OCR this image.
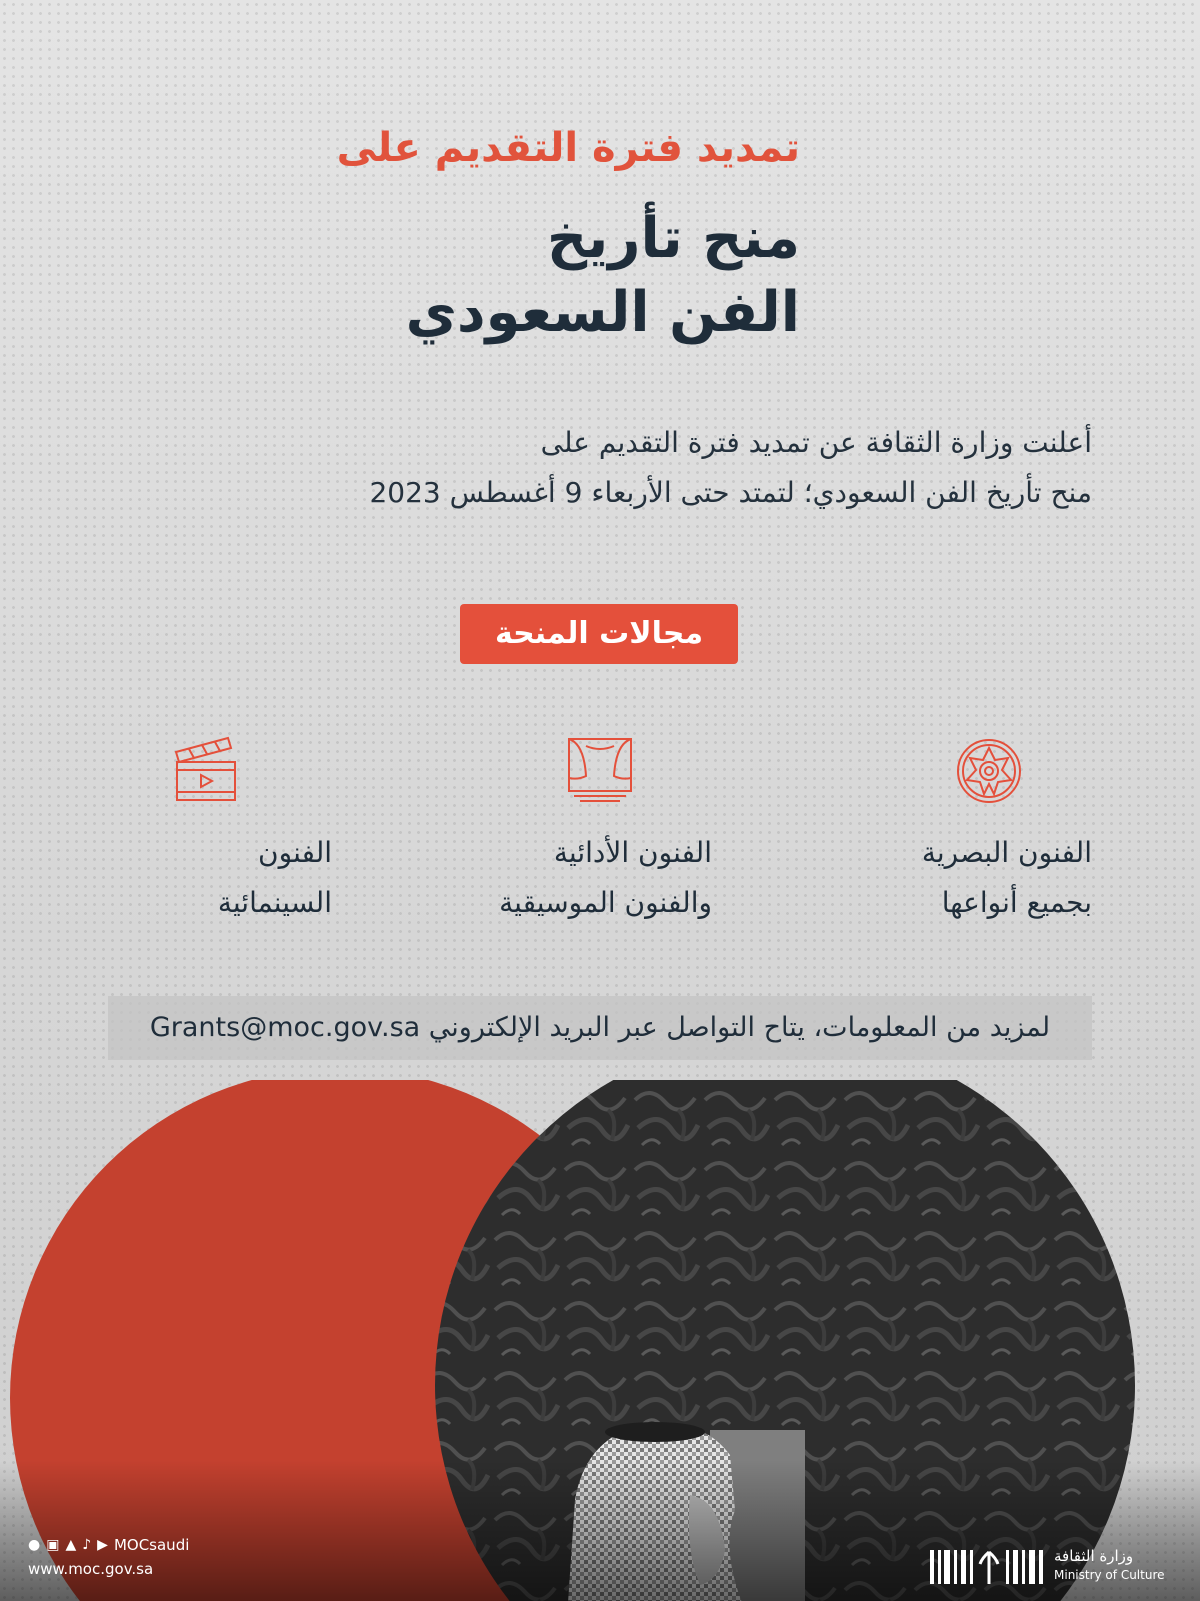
تمديد فترة التقديم على
منح تأريخ
الفن السعودي
أعلنت وزارة الثقافة عن تمديد فترة التقديم على
منح تأريخ الفن السعودي؛ لتمتد حتى الأربعاء 9 أغسطس 2023
مجالات المنحة
الفنون البصرية
بجميع أنواعها
الفنون الأدائية
والفنون الموسيقية
الفنون
السينمائية
لمزيد من المعلومات، يتاح التواصل عبر البريد الإلكتروني Grants@moc.gov.sa
● ▣ ▲ ♪ ▶ MOCsaudi
www.moc.gov.sa
وزارة الثقافة
Ministry of Culture
